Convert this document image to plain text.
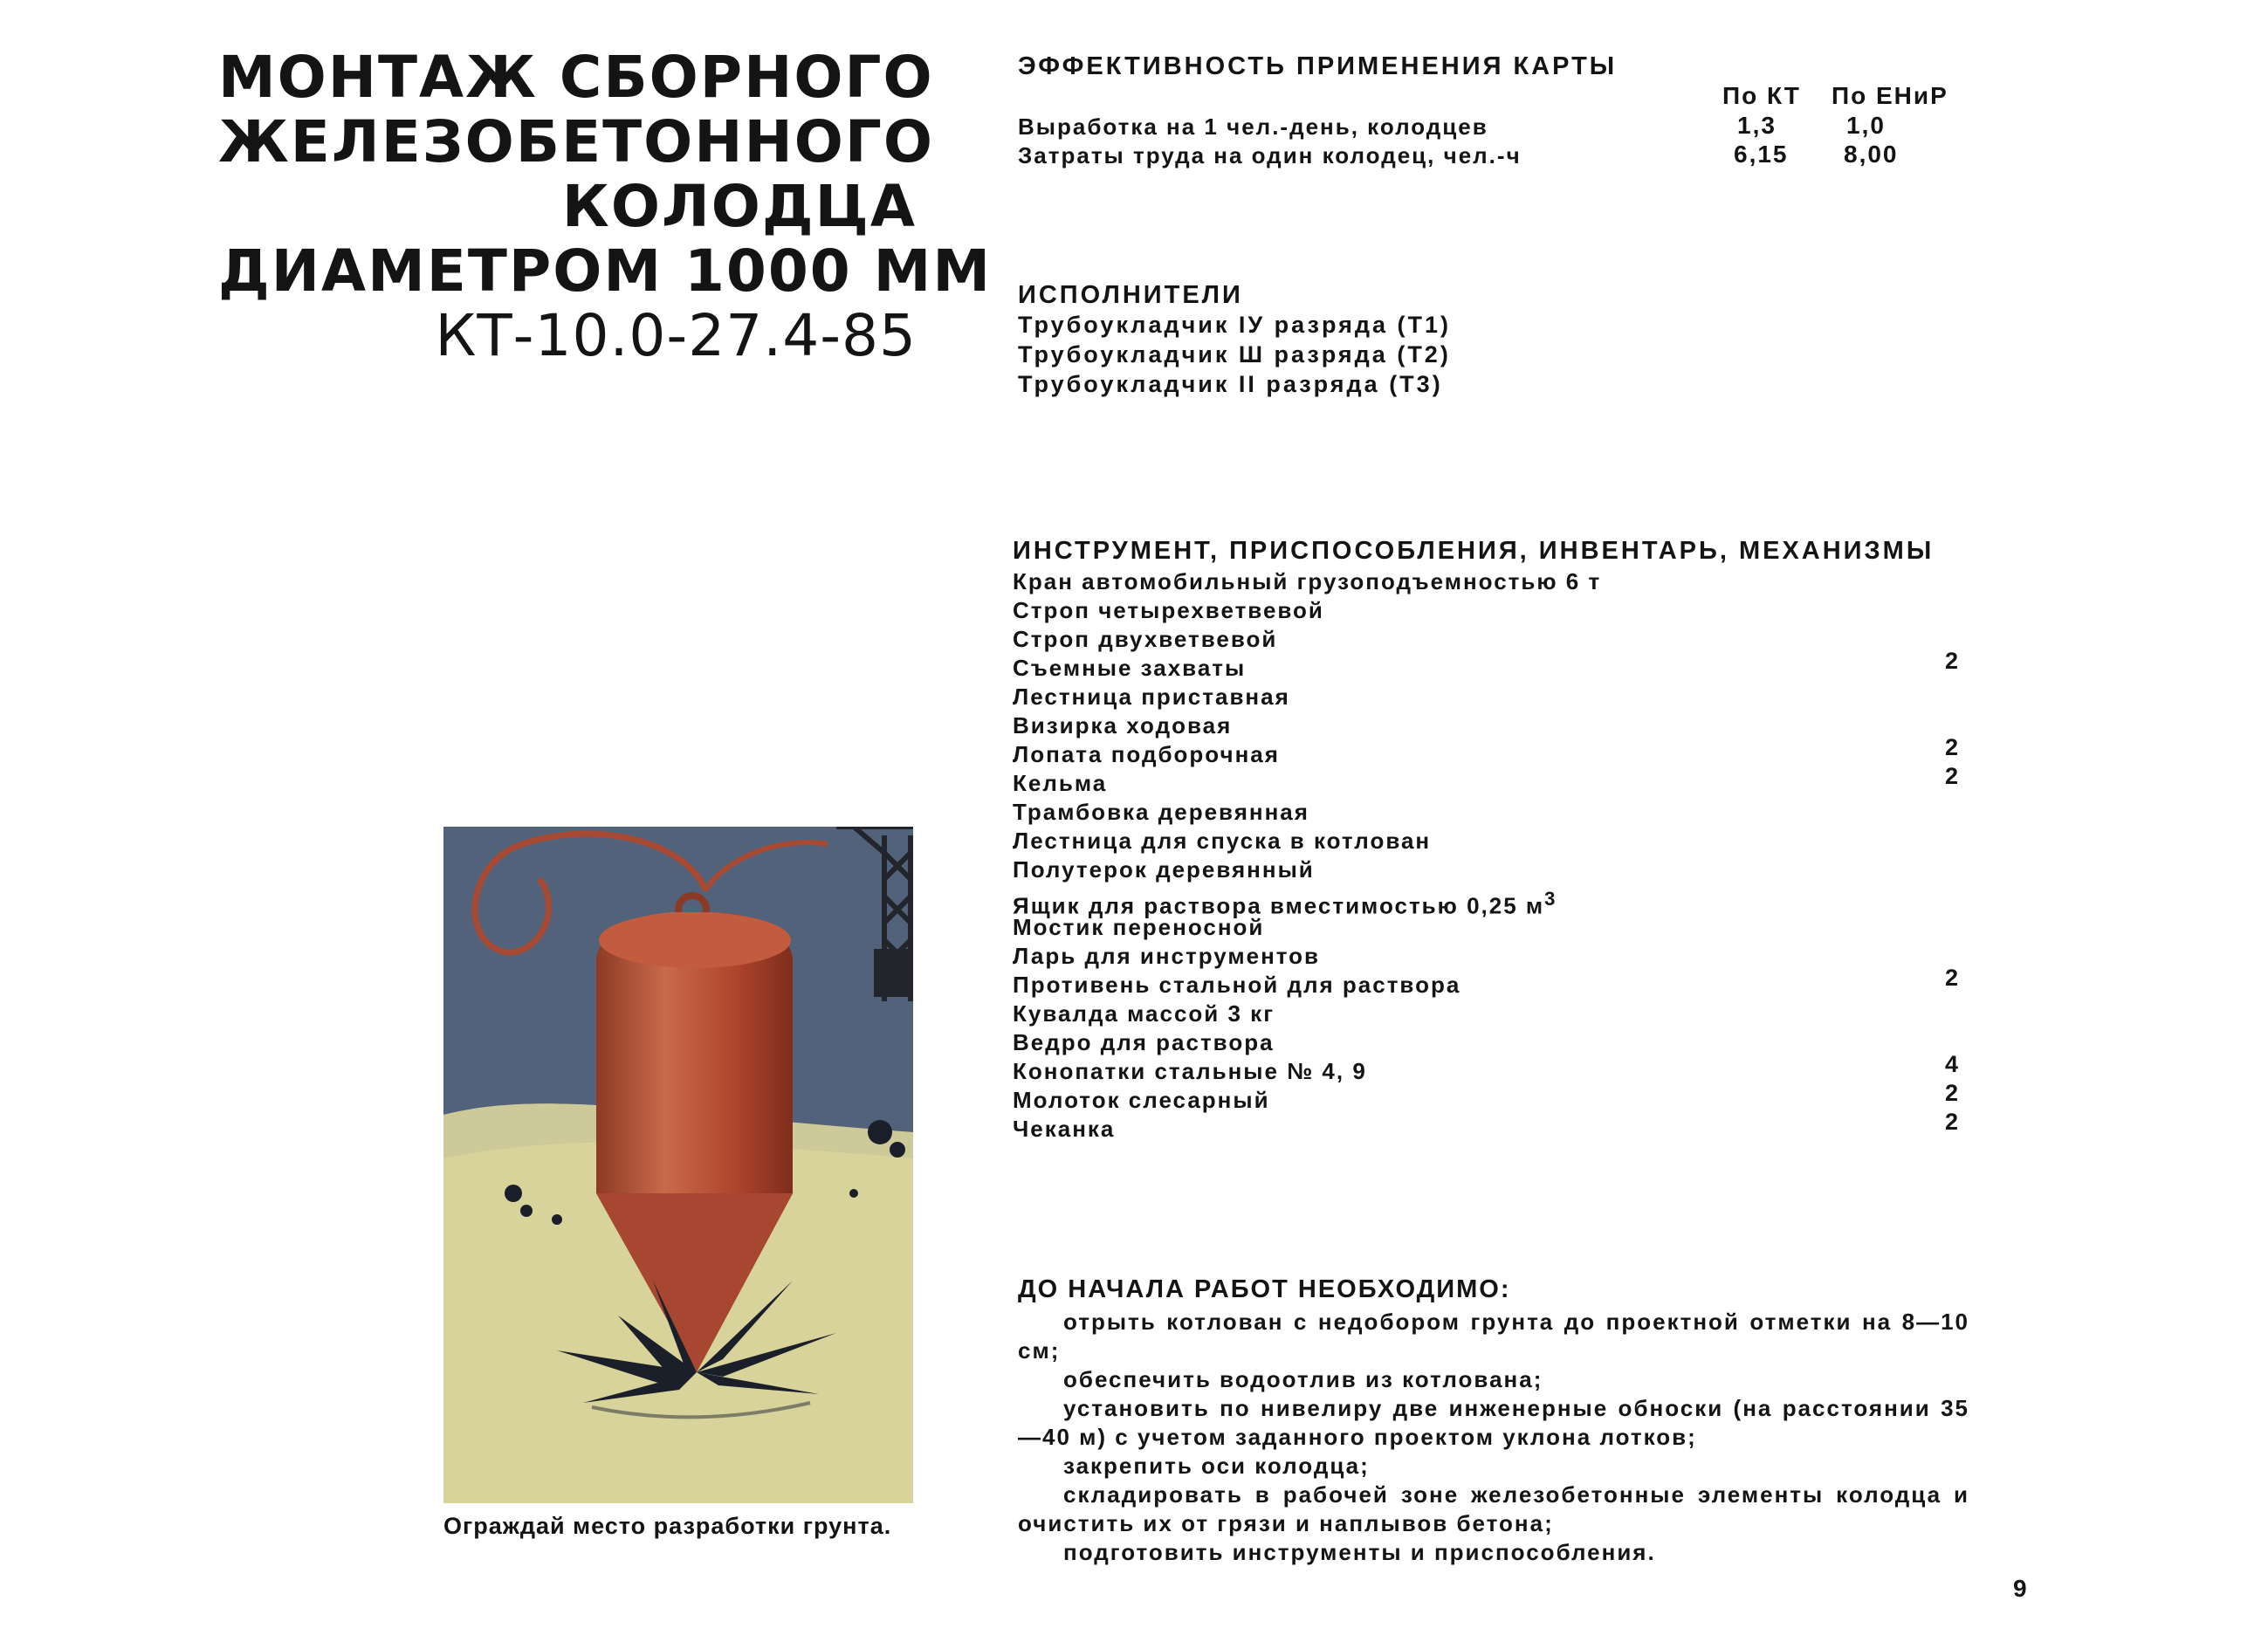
МОНТАЖ СБОРНОГО
ЖЕЛЕЗОБЕТОННОГО
КОЛОДЦА
ДИАМЕТРОМ 1000 ММ
КТ-10.0-27.4-85
ЭФФЕКТИВНОСТЬ ПРИМЕНЕНИЯ КАРТЫ
По КТ По ЕНиР
Выработка на 1 чел.-день, колодцев	1,3	1,0
Затраты труда на один колодец, чел.-ч	6,15 8,00
ИСПОЛНИТЕЛИ
Трубоукладчик IУ разряда (Т1)
Трубоукладчик Ш разряда (Т2)
Трубоукладчик II разряда (Т3)
ИНСТРУМЕНТ, ПРИСПОСОБЛЕНИЯ, ИНВЕНТАРЬ, МЕХАНИЗМЫ
Кран автомобильный грузоподъемностью 6 т
Строп четырехветвевой
Строп двухветвевой
Съемные захваты	2
Лестница приставная
Визирка ходовая
Лопата подборочная	2
Кельма	2
Трамбовка деревянная
Лестница для спуска в котлован
Полутерок деревянный
Ящик для раствора вместимостью 0,25 $м^3$
Мостик переносной
Ларь для инструментов
Противень стальной для раствора	2
Кувалда массой 3 кг
Ведро для раствора
Конопатки стальные № 4, 9	4
Молоток слесарный	2
Чеканка	2
Ограждай место разработки грунта.
ДО НАЧАЛА РАБОТ НЕОБХОДИМО:
отрыть котлован с недобором грунта до проектной отметки на 8—10 см;
обеспечить водоотлив из котлована;
установить по нивелиру две инженерные обноски (на расстоянии 35—40 м) с учетом заданного проектом уклона лотков;
закрепить оси колодца;
складировать в рабочей зоне железобетонные элементы колодца и очистить их от грязи и наплывов бетона;
подготовить инструменты и приспособления.
9
